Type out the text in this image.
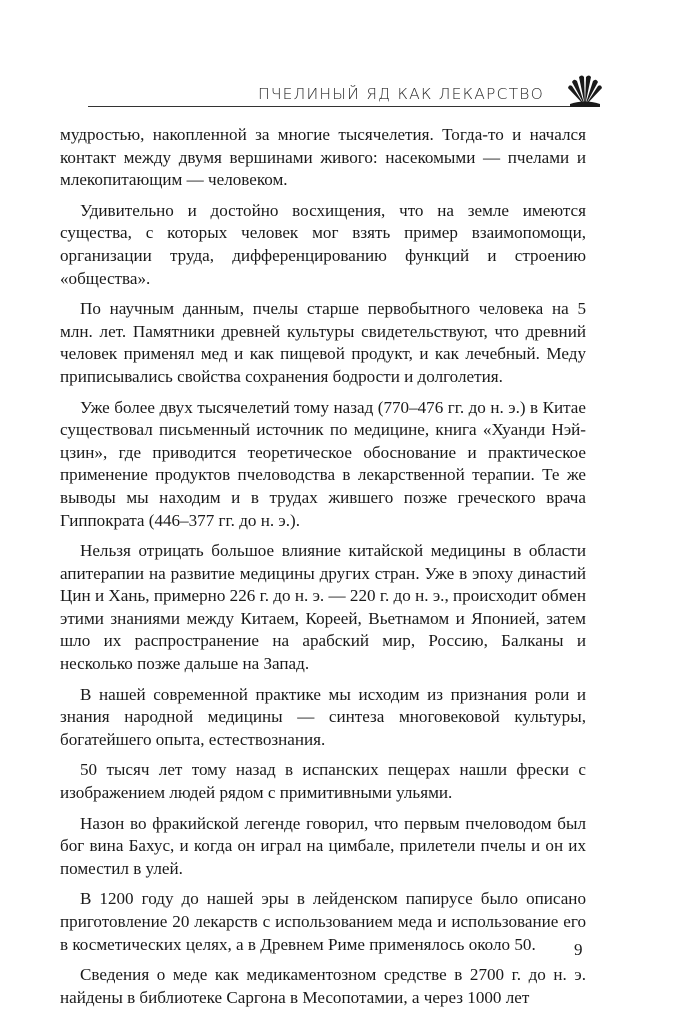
ПЧЕЛИНЫЙ ЯД КАК ЛЕКАРСТВО

мудростью, накопленной за многие тысячелетия. Тогда-то и начался контакт между двумя вершинами живого: насекомыми — пчелами и млекопитающим — человеком.

Удивительно и достойно восхищения, что на земле имеются существа, с которых человек мог взять пример взаимопомощи, организации труда, дифференцированию функций и строению «общества».

По научным данным, пчелы старше первобытного человека на 5 млн. лет. Памятники древней культуры свидетельствуют, что древний человек применял мед и как пищевой продукт, и как лечебный. Меду приписывались свойства сохранения бодрости и долголетия.

Уже более двух тысячелетий тому назад (770–476 гг. до н. э.) в Китае существовал письменный источник по медицине, книга «Хуанди Нэй-цзин», где приводится теоретическое обоснование и практическое применение продуктов пчеловодства в лекарственной терапии. Те же выводы мы находим и в трудах жившего позже греческого врача Гиппократа (446–377 гг. до н. э.).

Нельзя отрицать большое влияние китайской медицины в области апитерапии на развитие медицины других стран. Уже в эпоху династий Цин и Хань, примерно 226 г. до н. э. — 220 г. до н. э., происходит обмен этими знаниями между Китаем, Кореей, Вьетнамом и Японией, затем шло их распространение на арабский мир, Россию, Балканы и несколько позже дальше на Запад.

В нашей современной практике мы исходим из признания роли и знания народной медицины — синтеза многовековой культуры, богатейшего опыта, естествознания.

50 тысяч лет тому назад в испанских пещерах нашли фрески с изображением людей рядом с примитивными ульями.

Назон во фракийской легенде говорил, что первым пчеловодом был бог вина Бахус, и когда он играл на цимбале, прилетели пчелы и он их поместил в улей.

В 1200 году до нашей эры в лейденском папирусе было описано приготовление 20 лекарств с использованием меда и использование его в косметических целях, а в Древнем Риме применялось около 50.

Сведения о меде как медикаментозном средстве в 2700 г. до н. э. найдены в библиотеке Саргона в Месопотамии, а через 1000 лет

9
